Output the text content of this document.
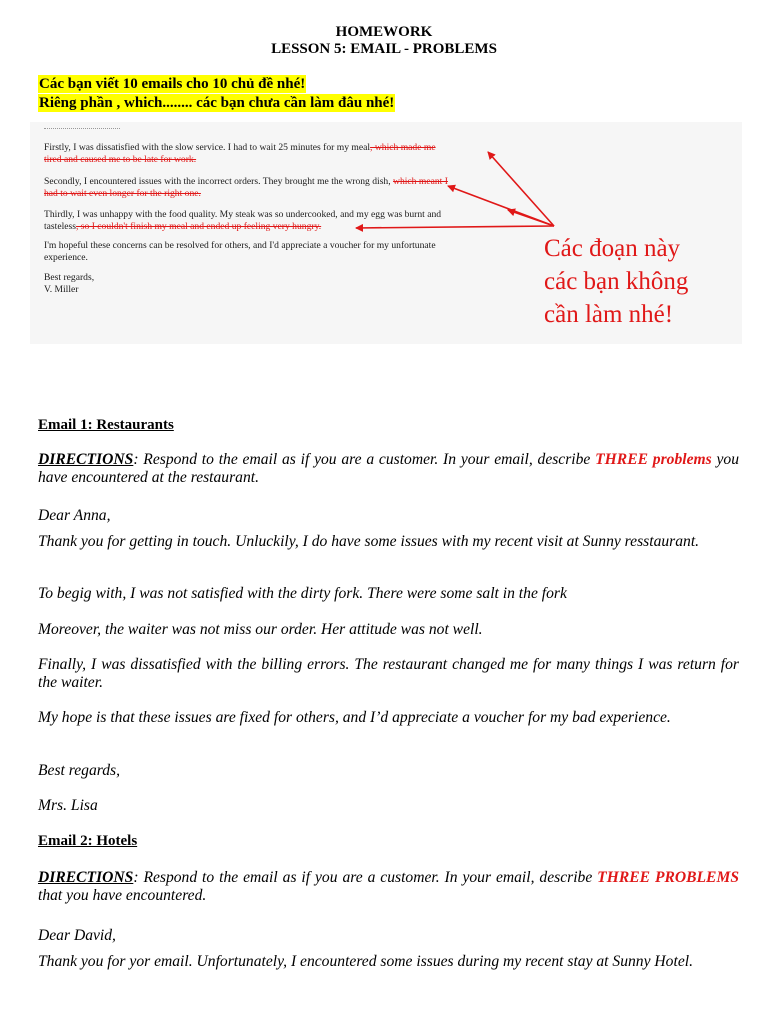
HOMEWORK
LESSON 5: EMAIL - PROBLEMS
Các bạn viết 10 emails cho 10 chủ đề nhé!
Riêng phần , which........ các bạn chưa cần làm đâu nhé!
Firstly, I was dissatisfied with the slow service. I had to wait 25 minutes for my meal, which made me
tired and caused me to be late for work.
Secondly, I encountered issues with the incorrect orders. They brought me the wrong dish, which meant I
had to wait even longer for the right one.
Thirdly, I was unhappy with the food quality. My steak was so undercooked, and my egg was burnt and
tasteless, so I couldn't finish my meal and ended up feeling very hungry.
I'm hopeful these concerns can be resolved for others, and I'd appreciate a voucher for my unfortunate
experience.
Best regards,
V. Miller
Các đoạn này
các bạn không
cần làm nhé!
Email 1: Restaurants
DIRECTIONS: Respond to the email as if you are a customer. In your email, describe THREE problems you have encountered at the restaurant.
Dear Anna,
Thank you for getting in touch. Unluckily, I do have some issues with my recent visit at Sunny resstaurant.
To begig with, I was not satisfied with the dirty fork. There were some salt in the fork
Moreover, the waiter was not miss our order. Her attitude was not well.
Finally, I was dissatisfied with the billing errors. The restaurant changed me for many things I was return for the waiter.
My hope is that these issues are fixed for others, and I’d appreciate a voucher for my bad experience.
Best regards,
Mrs. Lisa
Email 2: Hotels
DIRECTIONS: Respond to the email as if you are a customer. In your email, describe THREE PROBLEMS that you have encountered.
Dear David,
Thank you for yor email. Unfortunately, I encountered some issues during my recent stay at Sunny Hotel.
